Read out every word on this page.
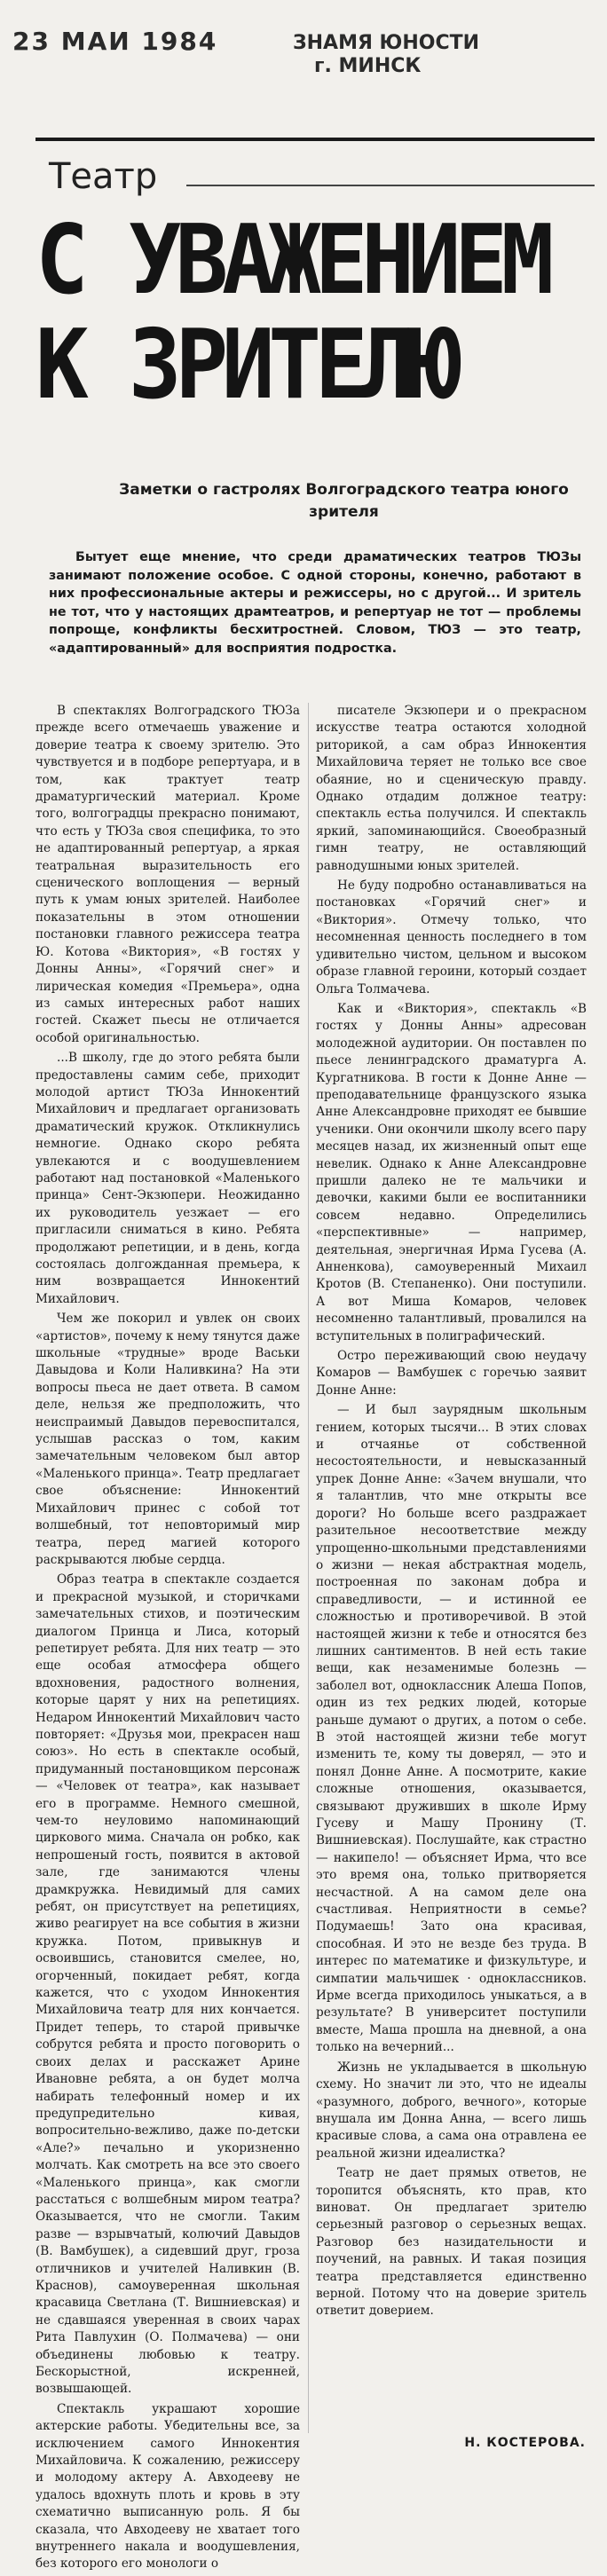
23 МАИ 1984	ЗНАМЯ ЮНОСТИ
г. МИНСК
Театр
С УВАЖЕНИЕМ
К ЗРИТЕЛЮ
Заметки о гастролях Волгоградского театра юного зрителя
Бытует еще мнение, что среди драматических театров ТЮЗы занимают положение особое. С одной стороны, конечно, работают в них профессиональные актеры и режиссеры, но с другой... И зритель не тот, что у настоящих драмтеатров, и репертуар не тот — проблемы попроще, конфликты бесхитростней. Словом, ТЮЗ — это театр, «адаптированный» для восприятия подростка.

В спектаклях Волгоградского ТЮЗа прежде всего отмечаешь уважение и доверие театра к своему зрителю. Это чувствуется и в подборе репертуара, и в том, как трактует театр драматургический материал. Кроме того, волгоградцы прекрасно понимают, что есть у ТЮЗа своя специфика, то это не адаптированный репертуар, а яркая театральная выразительность его сценического воплощения — верный путь к умам юных зрителей. Наиболее показательны в этом отношении постановки главного режиссера театра Ю. Котова «Виктория», «В гостях у Донны Анны», «Горячий снег» и лирическая комедия «Премьера», одна из самых интересных работ наших гостей. Скажет пьесы не отличается особой оригинальностью.

...В школу, где до этого ребята были предоставлены самим себе, приходит молодой артист ТЮЗа Иннокентий Михайлович и предлагает организовать драматический кружок. Откликнулись немногие. Однако скоро ребята увлекаются и с воодушевлением работают над постановкой «Маленького принца» Сент-Экзюпери. Неожиданно их руководитель уезжает — его пригласили сниматься в кино. Ребята продолжают репетиции, и в день, когда состоялась долгожданная премьера, к ним возвращается Иннокентий Михайлович.

Чем же покорил и увлек он своих «артистов», почему к нему тянутся даже школьные «трудные» вроде Васьки Давыдова и Коли Наливкина? На эти вопросы пьеса не дает ответа. В самом деле, нельзя же предположить, что неиспраимый Давыдов перевоспитался, услышав рассказ о том, каким замечательным человеком был автор «Маленького принца». Театр предлагает свое объяснение: Иннокентий Михайлович принес с собой тот волшебный, тот неповторимый мир театра, перед магией которого раскрываются любые сердца.

Образ театра в спектакле создается и прекрасной музыкой, и сторичками замечательных стихов, и поэтическим диалогом Принца и Лиса, который репетирует ребята. Для них театр — это еще особая атмосфера общего вдохновения, радостного волнения, которые царят у них на репетициях. Недаром Иннокентий Михайлович часто повторяет: «Друзья мои, прекрасен наш союз». Но есть в спектакле особый, придуманный постановщиком персонаж — «Человек от театра», как называет его в программе. Немного смешной, чем-то неуловимо напоминающий циркового мима. Сначала он робко, как непрошеный гость, появится в актовой зале, где занимаются члены драмкружка. Невидимый для самих ребят, он присутствует на репетициях, живо реагирует на все события в жизни кружка. Потом, привыкнув и освоившись, становится смелее, но, огорченный, покидает ребят, когда кажется, что с уходом Иннокентия Михайловича театр для них кончается. Придет теперь, то старой привычке собрутся ребята и просто поговорить о своих делах и расскажет Арине Ивановне ребята, а он будет молча набирать телефонный номер и их предупредительно кивая, вопросительно-вежливо, даже по-детски «Але?» печально и укоризненно молчать. Как смотреть на все это своего «Маленького принца», как смогли расстаться с волшебным миром театра? Оказывается, что не смогли. Таким разве — взрывчатый, колючий Давыдов (В. Вамбушек), а сидевший друг, гроза отличников и учителей Наливкин (В. Краснов), самоуверенная школьная красавица Светлана (Т. Вишниевская) и не сдавшаяся уверенная в своих чарах Рита Павлухин (О. Полмачева) — они объединены любовью к театру. Бескорыстной, искренней, возвышающей.

Спектакль украшают хорошие актерские работы. Убедительны все, за исключением самого Иннокентия Михайловича. К сожалению, режиссеру и молодому актеру А. Авходееву не удалось вдохнуть плоть и кровь в эту схематично выписанную роль. Я бы сказала, что Авходееву не хватает того внутреннего накала и воодушевления, без которого его монологи о

писателе Экзюпери и о прекрасном искусстве театра остаются холодной риторикой, а сам образ Иннокентия Михайловича теряет не только все свое обаяние, но и сценическую правду. Однако отдадим должное театру: спектакль естьа получился. И спектакль яркий, запоминающийся. Своеобразный гимн театру, не оставляющий равнодушными юных зрителей.

Не буду подробно останавливаться на постановках «Горячий снег» и «Виктория». Отмечу только, что несомненная ценность последнего в том удивительно чистом, цельном и высоком образе главной героини, который создает Ольга Толмачева.

Как и «Виктория», спектакль «В гостях у Донны Анны» адресован молодежной аудитории. Он поставлен по пьесе ленинградского драматурга А. Кургатникова. В гости к Донне Анне — преподавательнице французского языка Анне Александровне приходят ее бывшие ученики. Они окончили школу всего пару месяцев назад, их жизненный опыт еще невелик. Однако к Анне Александровне пришли далеко не те мальчики и девочки, какими были ее воспитанники совсем недавно. Определились «перспективные» — например, деятельная, энергичная Ирма Гусева (А. Анненкова), самоуверенный Михаил Кротов (В. Степаненко). Они поступили. А вот Миша Комаров, человек несомненно талантливый, провалился на вступительных в полиграфический.

Остро переживающий свою неудачу Комаров — Вамбушек с горечью заявит Донне Анне:

— И был заурядным школьным гением, которых тысячи... В этих словах и отчаянье от собственной несостоятельности, и невысказанный упрек Донне Анне: «Зачем внушали, что я талантлив, что мне открыты все дороги? Но больше всего раздражает разительное несоответствие между упрощенно-школьными представлениями о жизни — некая абстрактная модель, построенная по законам добра и справедливости, — и истинной ее сложностью и противоречивой. В этой настоящей жизни к тебе и относятся без лишних сантиментов. В ней есть такие вещи, как незаменимые болезнь — заболел вот, одноклассник Алеша Попов, один из тех редких людей, которые раньше думают о других, а потом о себе. В этой настоящей жизни тебе могут изменить те, кому ты доверял, — это и понял Донне Анне. А посмотрите, какие сложные отношения, оказывается, связывают друживших в школе Ирму Гусеву и Машу Пронину (Т. Вишниевская). Послушайте, как страстно — накипело! — объясняет Ирма, что все это время она, только притворяется несчастной. А на самом деле она счастливая. Неприятности в семье? Подумаешь! Зато она красивая, способная. И это не везде без труда. В интерес по математике и физкультуре, и симпатии мальчишек · одноклассников. Ирме всегда приходилось уныкаться, а в результате? В университет поступили вместе, Маша прошла на дневной, а она только на вечерний...

Жизнь не укладывается в школьную схему. Но значит ли это, что не идеалы «разумного, доброго, вечного», которые внушала им Донна Анна, — всего лишь красивые слова, а сама она отравлена ее реальной жизни идеалистка?

Театр не дает прямых ответов, не торопится объяснять, кто прав, кто виноват. Он предлагает зрителю серьезный разговор о серьезных вещах. Разговор без назидательности и поучений, на равных. И такая позиция театра представляется единственно верной. Потому что на доверие зритель ответит доверием.

Н. КОСТЕРОВА.
